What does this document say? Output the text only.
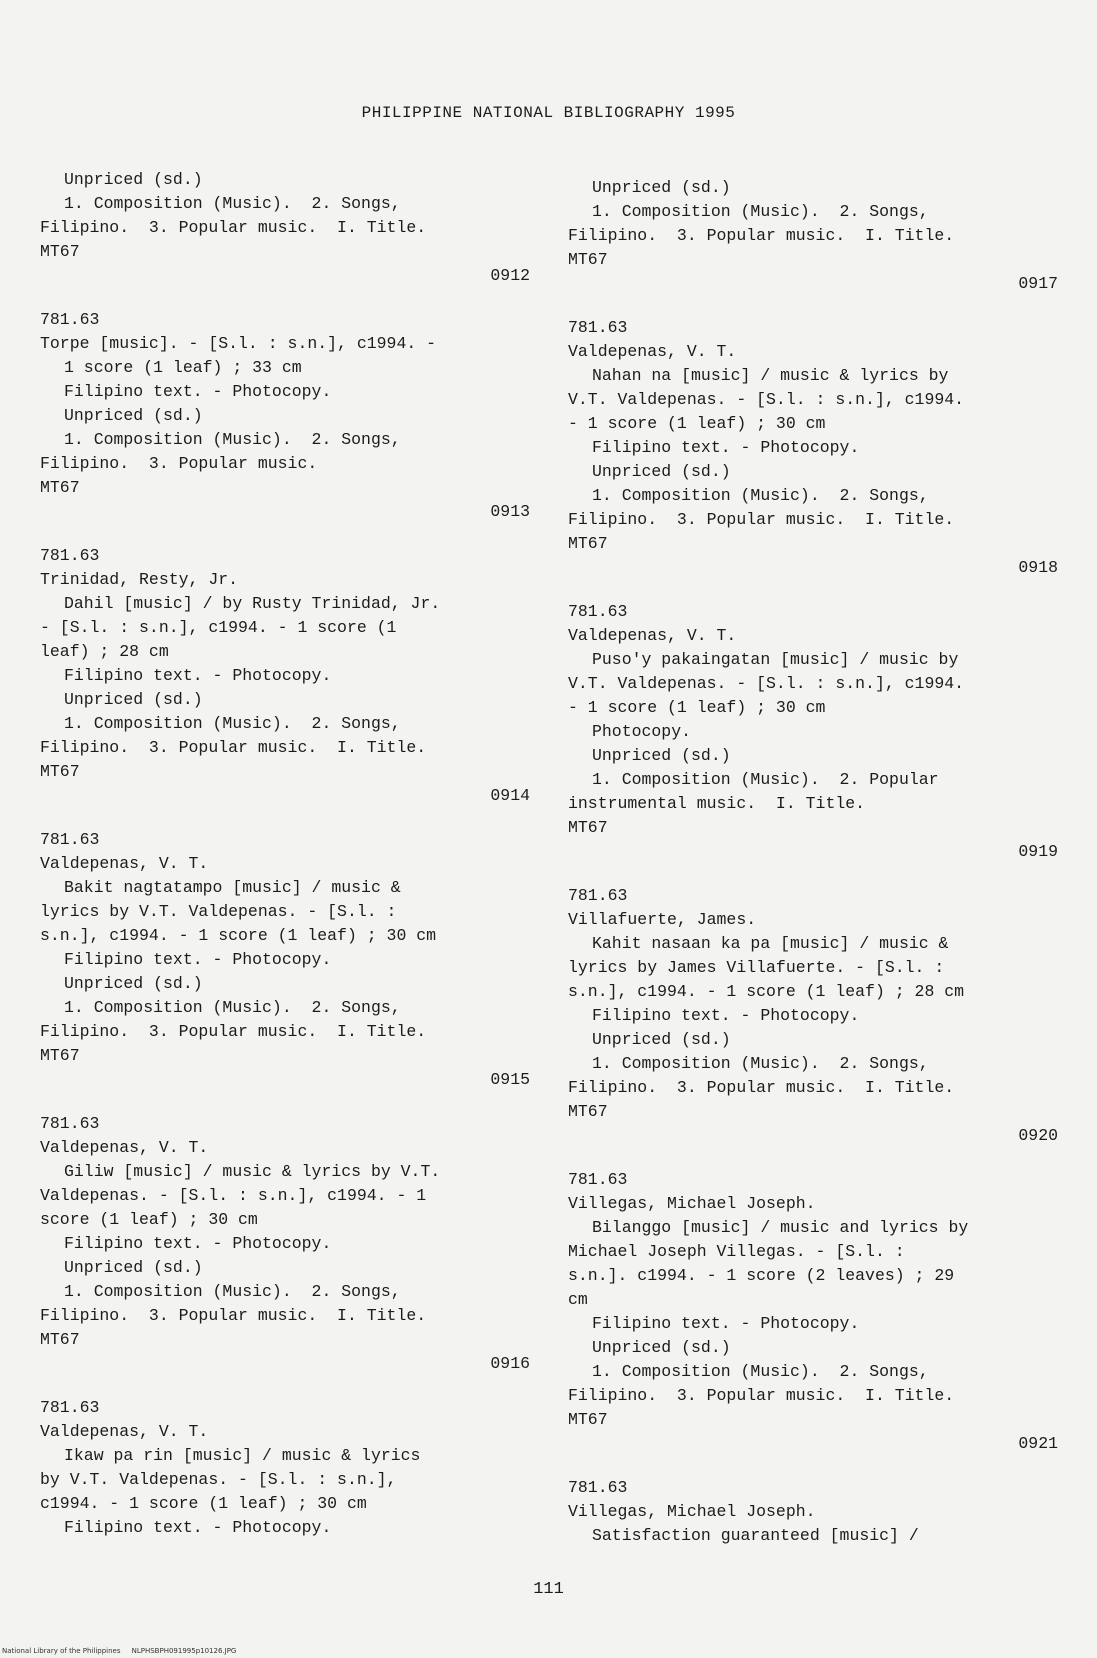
PHILIPPINE NATIONAL BIBLIOGRAPHY 1995
Unpriced (sd.)
1. Composition (Music).  2. Songs,
Filipino.  3. Popular music.  I. Title.
MT67
0912
781.63
Torpe [music]. - [S.l. : s.n.], c1994. -
1 score (1 leaf) ; 33 cm
Filipino text. - Photocopy.
Unpriced (sd.)
1. Composition (Music).  2. Songs,
Filipino.  3. Popular music.
MT67
0913
781.63
Trinidad, Resty, Jr.
Dahil [music] / by Rusty Trinidad, Jr.
- [S.l. : s.n.], c1994. - 1 score (1
leaf) ; 28 cm
Filipino text. - Photocopy.
Unpriced (sd.)
1. Composition (Music).  2. Songs,
Filipino.  3. Popular music.  I. Title.
MT67
0914
781.63
Valdepenas, V. T.
Bakit nagtatampo [music] / music &
lyrics by V.T. Valdepenas. - [S.l. :
s.n.], c1994. - 1 score (1 leaf) ; 30 cm
Filipino text. - Photocopy.
Unpriced (sd.)
1. Composition (Music).  2. Songs,
Filipino.  3. Popular music.  I. Title.
MT67
0915
781.63
Valdepenas, V. T.
Giliw [music] / music & lyrics by V.T.
Valdepenas. - [S.l. : s.n.], c1994. - 1
score (1 leaf) ; 30 cm
Filipino text. - Photocopy.
Unpriced (sd.)
1. Composition (Music).  2. Songs,
Filipino.  3. Popular music.  I. Title.
MT67
0916
781.63
Valdepenas, V. T.
Ikaw pa rin [music] / music & lyrics
by V.T. Valdepenas. - [S.l. : s.n.],
c1994. - 1 score (1 leaf) ; 30 cm
Filipino text. - Photocopy.
Unpriced (sd.)
1. Composition (Music).  2. Songs,
Filipino.  3. Popular music.  I. Title.
MT67
0917
781.63
Valdepenas, V. T.
Nahan na [music] / music & lyrics by
V.T. Valdepenas. - [S.l. : s.n.], c1994.
- 1 score (1 leaf) ; 30 cm
Filipino text. - Photocopy.
Unpriced (sd.)
1. Composition (Music).  2. Songs,
Filipino.  3. Popular music.  I. Title.
MT67
0918
781.63
Valdepenas, V. T.
Puso'y pakaingatan [music] / music by
V.T. Valdepenas. - [S.l. : s.n.], c1994.
- 1 score (1 leaf) ; 30 cm
Photocopy.
Unpriced (sd.)
1. Composition (Music).  2. Popular
instrumental music.  I. Title.
MT67
0919
781.63
Villafuerte, James.
Kahit nasaan ka pa [music] / music &
lyrics by James Villafuerte. - [S.l. :
s.n.], c1994. - 1 score (1 leaf) ; 28 cm
Filipino text. - Photocopy.
Unpriced (sd.)
1. Composition (Music).  2. Songs,
Filipino.  3. Popular music.  I. Title.
MT67
0920
781.63
Villegas, Michael Joseph.
Bilanggo [music] / music and lyrics by
Michael Joseph Villegas. - [S.l. :
s.n.]. c1994. - 1 score (2 leaves) ; 29
cm
Filipino text. - Photocopy.
Unpriced (sd.)
1. Composition (Music).  2. Songs,
Filipino.  3. Popular music.  I. Title.
MT67
0921
781.63
Villegas, Michael Joseph.
Satisfaction guaranteed [music] /
111
National Library of the Philippines     NLPHSBPH091995p10126.JPG
